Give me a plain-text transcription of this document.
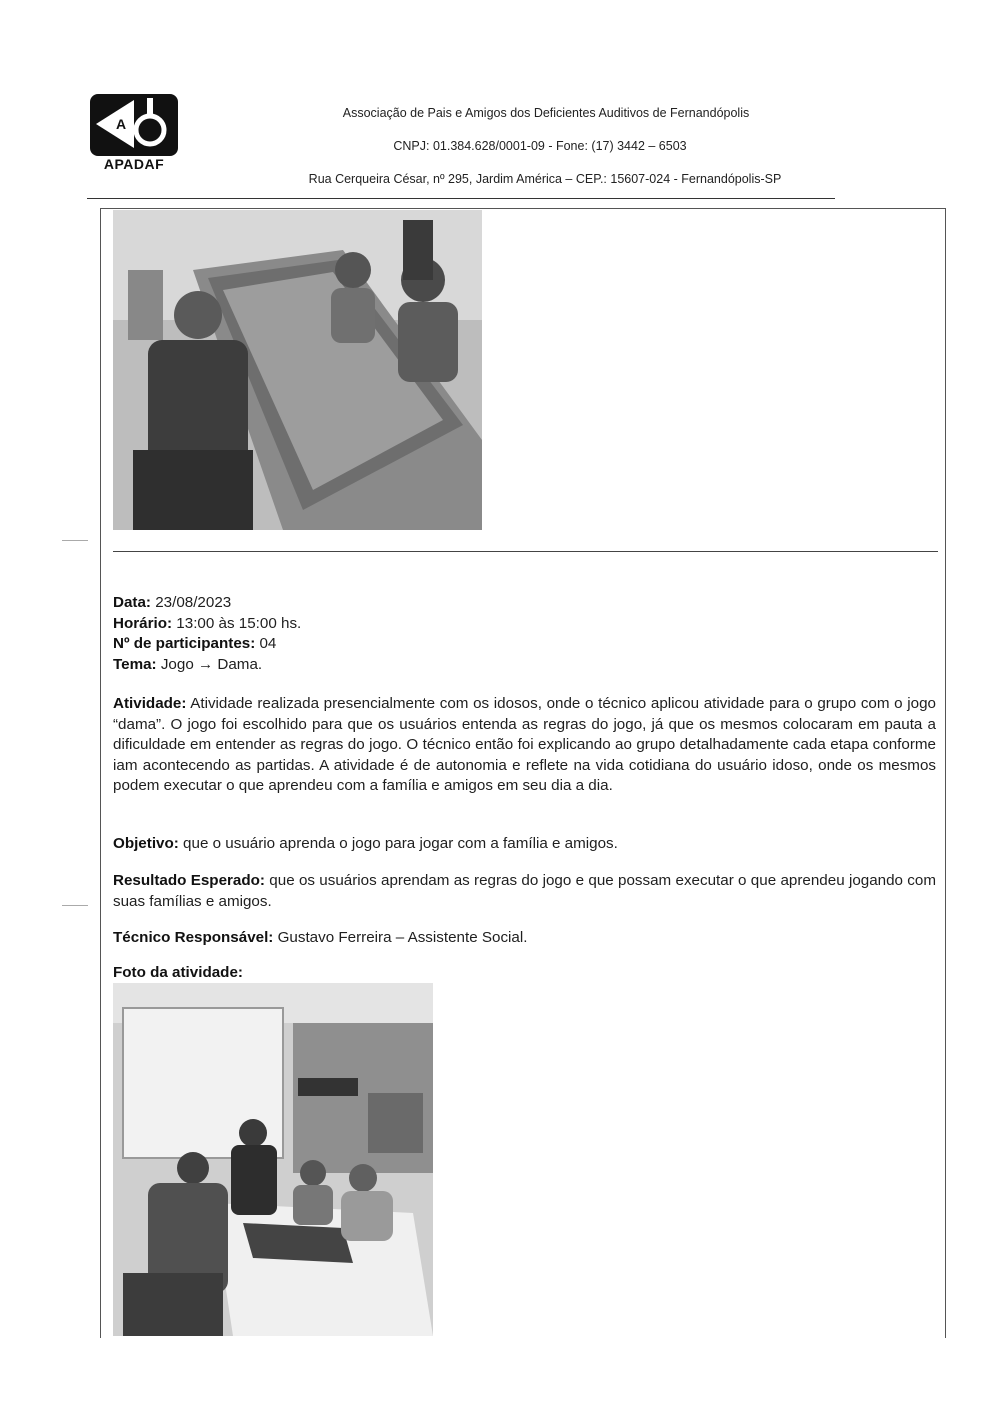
A
APADAF
Associação de Pais e Amigos dos Deficientes Auditivos de Fernandópolis
CNPJ: 01.384.628/0001-09 - Fone: (17) 3442 – 6503
Rua Cerqueira César, nº 295, Jardim América – CEP.: 15607-024 - Fernandópolis-SP
Data: 23/08/2023
Horário: 13:00 às 15:00 hs.
Nº de participantes: 04
Tema: Jogo → Dama.
Atividade: Atividade realizada presencialmente com os idosos, onde o técnico aplicou atividade para o grupo com o jogo “dama”. O jogo foi escolhido para que os usuários entenda as regras do jogo, já que os mesmos colocaram em pauta a dificuldade em entender as regras do jogo. O técnico então foi explicando ao grupo detalhadamente cada etapa conforme iam acontecendo as partidas. A atividade é de autonomia e reflete na vida cotidiana do usuário idoso, onde os mesmos podem executar o que aprendeu com a família e amigos em seu dia a dia.
Objetivo: que o usuário aprenda o jogo para jogar com a família e amigos.
Resultado Esperado: que os usuários aprendam as regras do jogo e que possam executar o que aprendeu jogando com suas famílias e amigos.
Técnico Responsável: Gustavo Ferreira – Assistente Social.
Foto da atividade:
